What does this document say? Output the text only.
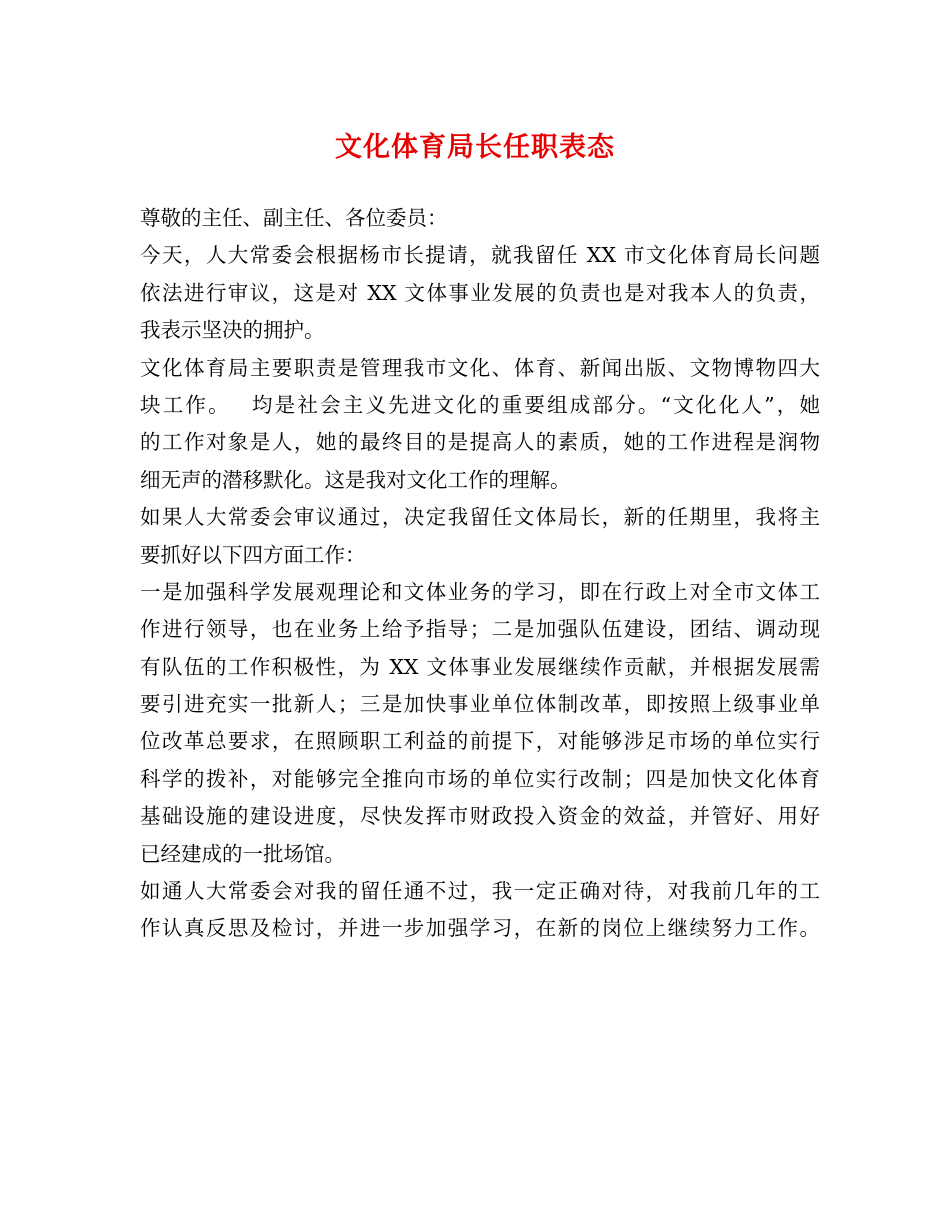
文化体育局长任职表态
尊敬的主任、副主任、各位委员：
今天，人大常委会根据杨市长提请，就我留任 XX 市文化体育局长问题
依法进行审议，这是对 XX 文体事业发展的负责也是对我本人的负责，
我表示坚决的拥护。
文化体育局主要职责是管理我市文化、体育、新闻出版、文物博物四大
块工作。　 均是社会主义先进文化的重要组成部分。“文化化人”，她
的工作对象是人，她的最终目的是提高人的素质，她的工作进程是润物
细无声的潜移默化。这是我对文化工作的理解。
如果人大常委会审议通过，决定我留任文体局长，新的任期里，我将主
要抓好以下四方面工作：
一是加强科学发展观理论和文体业务的学习，即在行政上对全市文体工
作进行领导，也在业务上给予指导；二是加强队伍建设，团结、调动现
有队伍的工作积极性，为 XX 文体事业发展继续作贡献，并根据发展需
要引进充实一批新人；三是加快事业单位体制改革，即按照上级事业单
位改革总要求，在照顾职工利益的前提下，对能够涉足市场的单位实行
科学的拨补，对能够完全推向市场的单位实行改制；四是加快文化体育
基础设施的建设进度，尽快发挥市财政投入资金的效益，并管好、用好
已经建成的一批场馆。
如通人大常委会对我的留任通不过，我一定正确对待，对我前几年的工
作认真反思及检讨，并进一步加强学习，在新的岗位上继续努力工作。
